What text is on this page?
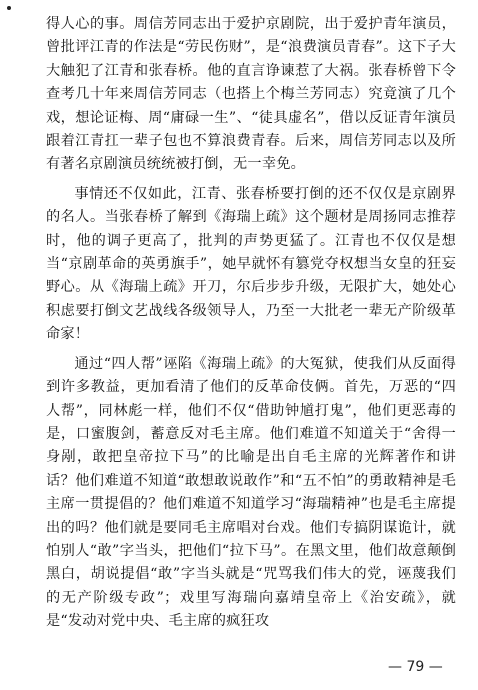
得人心的事。周信芳同志出于爱护京剧院，出于爱护青年演员，曾批评江青的作法是“劳民伤财”，是“浪费演员青春”。这下子大大触犯了江青和张春桥。他的直言诤谏惹了大祸。张春桥曾下令查考几十年来周信芳同志（也搭上个梅兰芳同志）究竟演了几个戏，想论证梅、周“庸碌一生”、“徒具虚名”，借以反证青年演员跟着江青扛一辈子包也不算浪费青春。后来，周信芳同志以及所有著名京剧演员统统被打倒，无一幸免。

事情还不仅如此，江青、张春桥要打倒的还不仅仅是京剧界的名人。当张春桥了解到《海瑞上疏》这个题材是周扬同志推荐时，他的调子更高了，批判的声势更猛了。江青也不仅仅是想当“京剧革命的英勇旗手”，她早就怀有篡党夺权想当女皇的狂妄野心。从《海瑞上疏》开刀，尔后步步升级，无限扩大，她处心积虑要打倒文艺战线各级领导人，乃至一大批老一辈无产阶级革命家！

通过“四人帮”诬陷《海瑞上疏》的大冤狱，使我们从反面得到许多教益，更加看清了他们的反革命伎俩。首先，万恶的“四人帮”，同林彪一样，他们不仅“借助钟馗打鬼”，他们更恶毒的是，口蜜腹剑，蓄意反对毛主席。他们难道不知道关于“舍得一身剐，敢把皇帝拉下马”的比喻是出自毛主席的光辉著作和讲话？他们难道不知道“敢想敢说敢作”和“五不怕”的勇敢精神是毛主席一贯提倡的？他们难道不知道学习“海瑞精神”也是毛主席提出的吗？他们就是要同毛主席唱对台戏。他们专搞阴谋诡计，就怕别人“敢”字当头，把他们“拉下马”。在黑文里，他们故意颠倒黑白，胡说提倡“敢”字当头就是“咒骂我们伟大的党，诬蔑我们的无产阶级专政”；戏里写海瑞向嘉靖皇帝上《治安疏》，就是“发动对党中央、毛主席的疯狂攻

— 79 —
